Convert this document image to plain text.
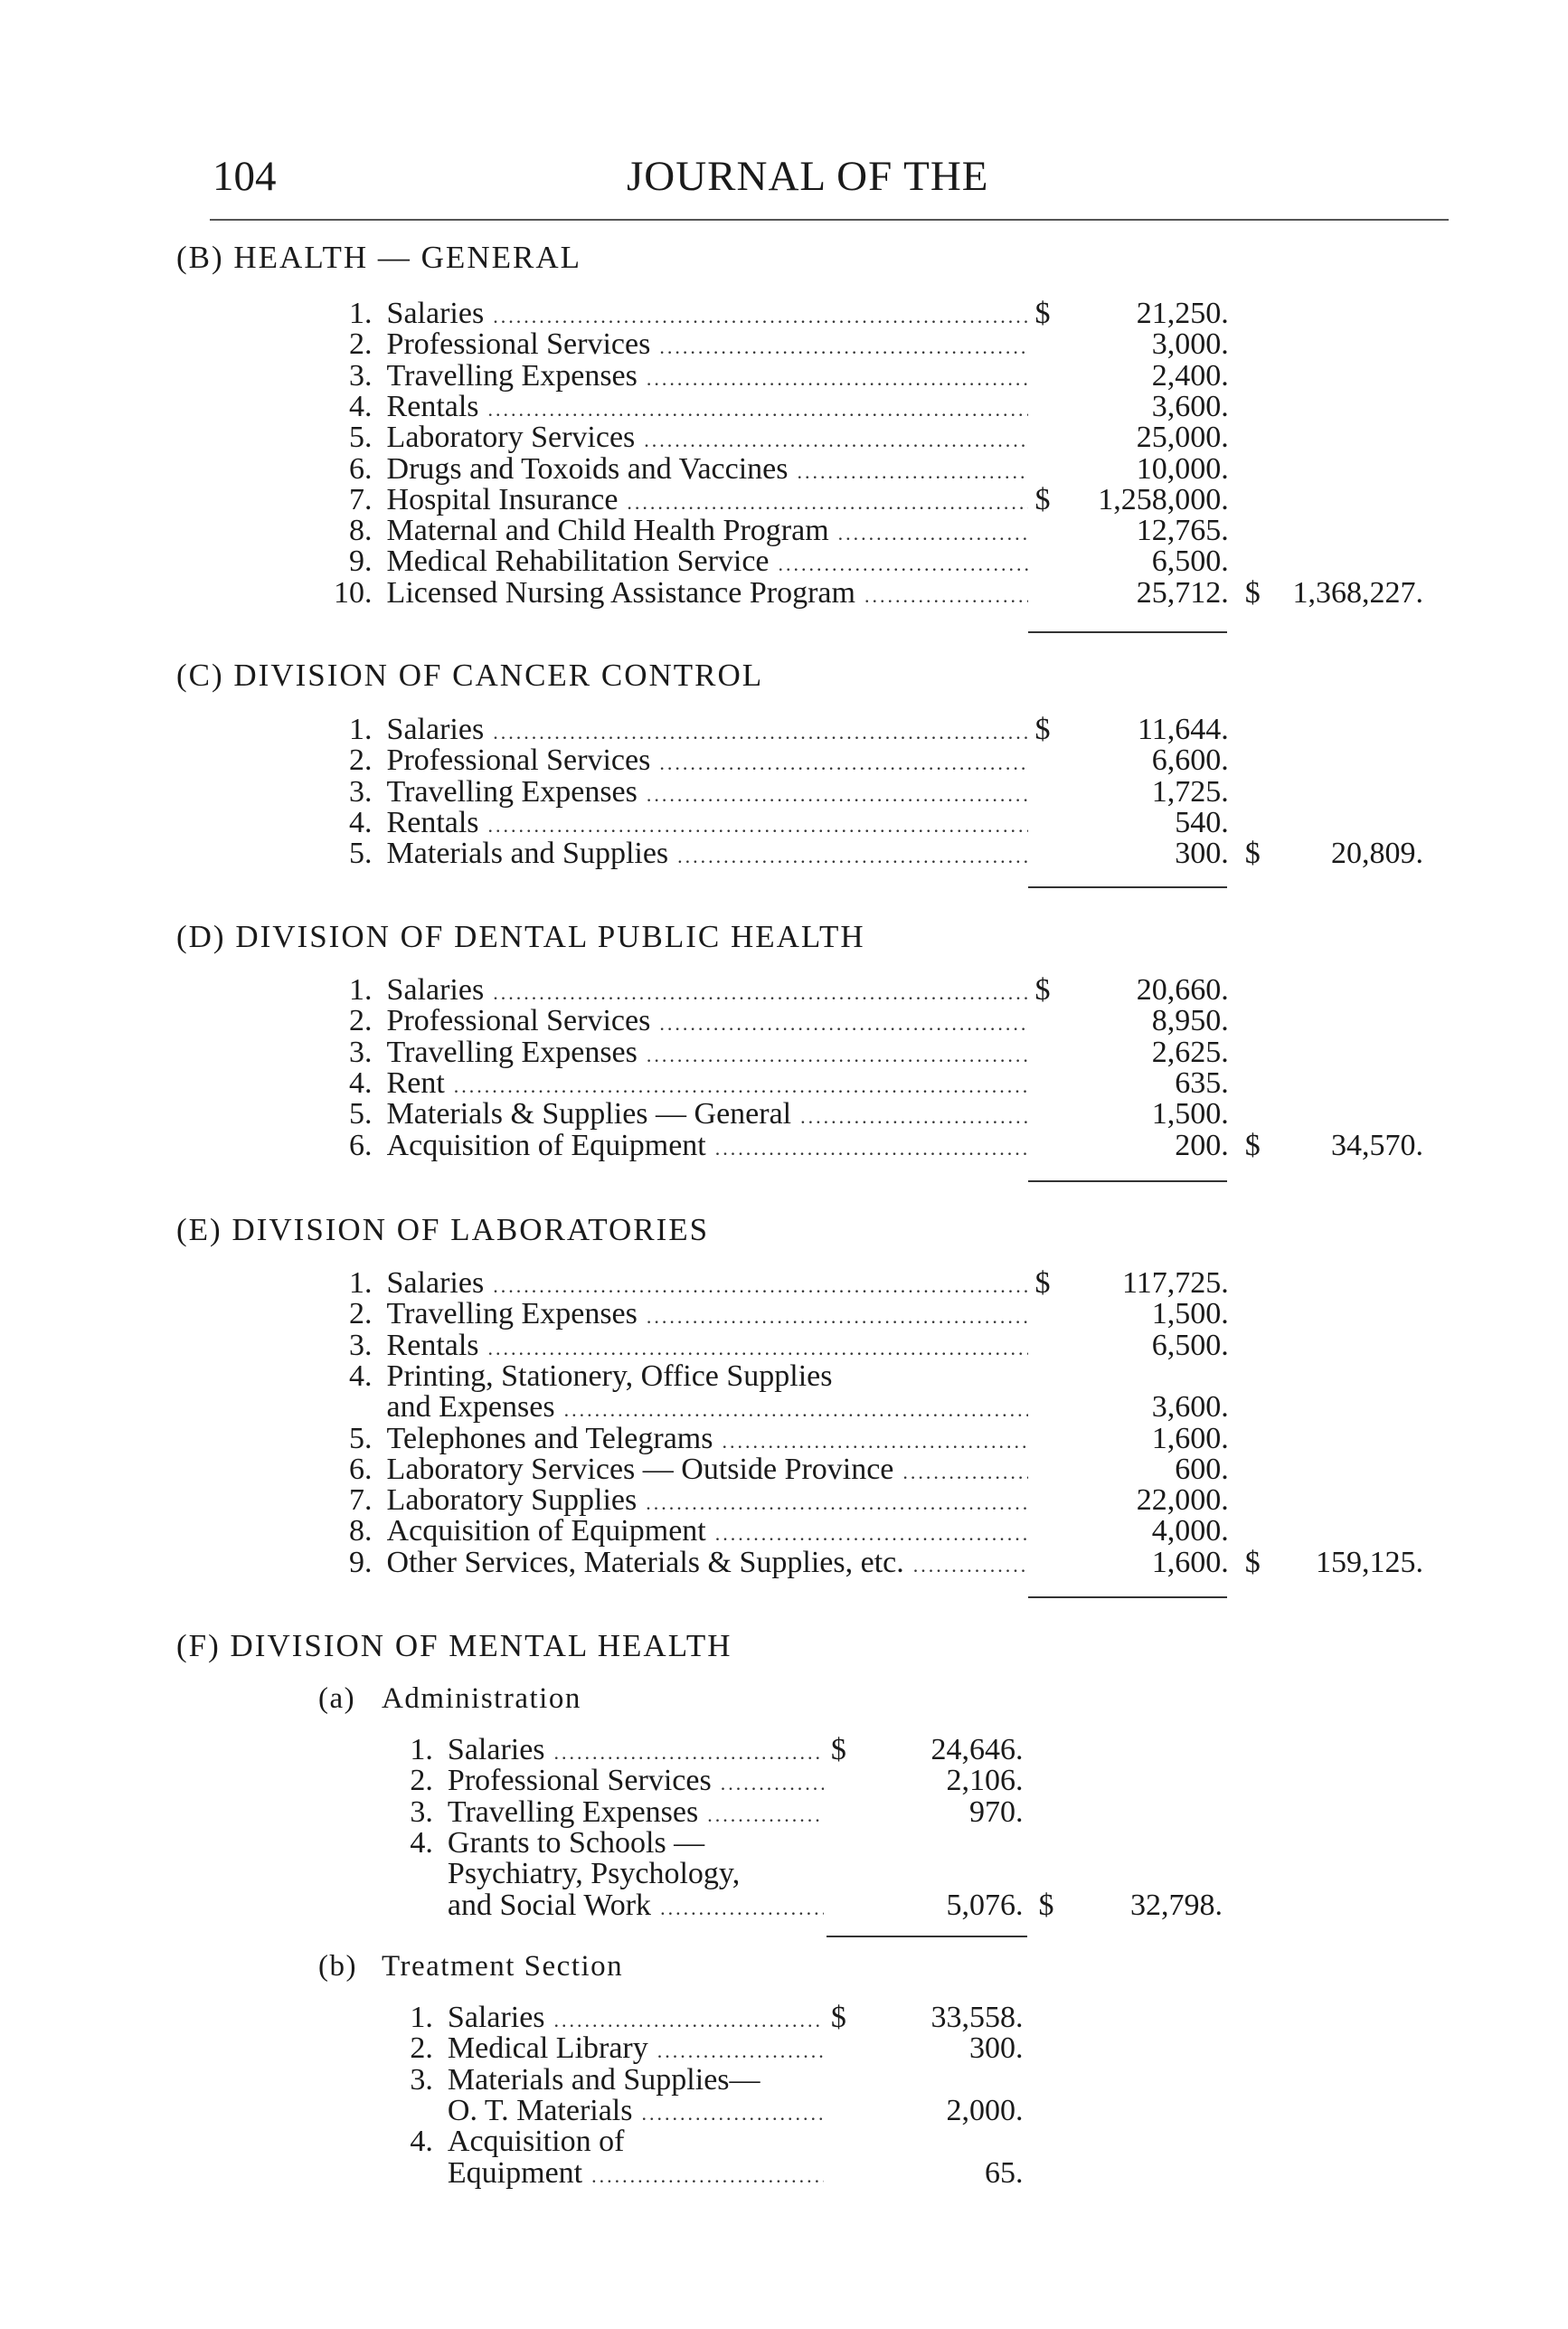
104	JOURNAL OF THE
(B) HEALTH — GENERAL
(C) DIVISION OF CANCER CONTROL
(D) DIVISION OF DENTAL PUBLIC HEALTH
(E) DIVISION OF LABORATORIES
(F) DIVISION OF MENTAL HEALTH
(a) Administration
(b) Treatment Section
1. Salaries .....	$	21,250.
2. Professional Services .....	3,000.
3. Travelling Expenses .....	2,400.
4. Rentals .....	3,600.
5. Laboratory Services .....	25,000.
6. Drugs and Toxoids and Vaccines .....	10,000.
7. Hospital Insurance .....	$	1,258,000.
8. Maternal and Child Health Program .....	12,765.
9. Medical Rehabilitation Service .....	6,500.
10. Licensed Nursing Assistance Program .....	25,712. $	1,368,227.
1. Salaries .....	$	11,644.
2. Professional Services .....	6,600.
3. Travelling Expenses .....	1,725.
4. Rentals .....	540.
5. Materials and Supplies .....	300. $	20,809.
1. Salaries .....	$	20,660.
2. Professional Services .....	8,950.
3. Travelling Expenses .....	2,625.
4. Rent .....	635.
5. Materials & Supplies — General .....	1,500.
6. Acquisition of Equipment .....	200. $	34,570.
1. Salaries .....	$	117,725.
2. Travelling Expenses .....	1,500.
3. Rentals .....	6,500.
4. Printing, Stationery, Office Supplies
and Expenses .....	3,600.
5. Telephones and Telegrams .....	1,600.
6. Laboratory Services — Outside Province .....	600.
7. Laboratory Supplies .....	22,000.
8. Acquisition of Equipment .....	4,000.
9. Other Services, Materials & Supplies, etc. .....	1,600. $	159,125.
1. Salaries .....	$	24,646.
2. Professional Services .....	2,106.
3. Travelling Expenses .....	970.
4. Grants to Schools —
Psychiatry, Psychology,
and Social Work .....	5,076. $	32,798.
1. Salaries .....	$	33,558.
2. Medical Library .....	300.
3. Materials and Supplies—
O. T. Materials .....	2,000.
4. Acquisition of
Equipment .....	65.
